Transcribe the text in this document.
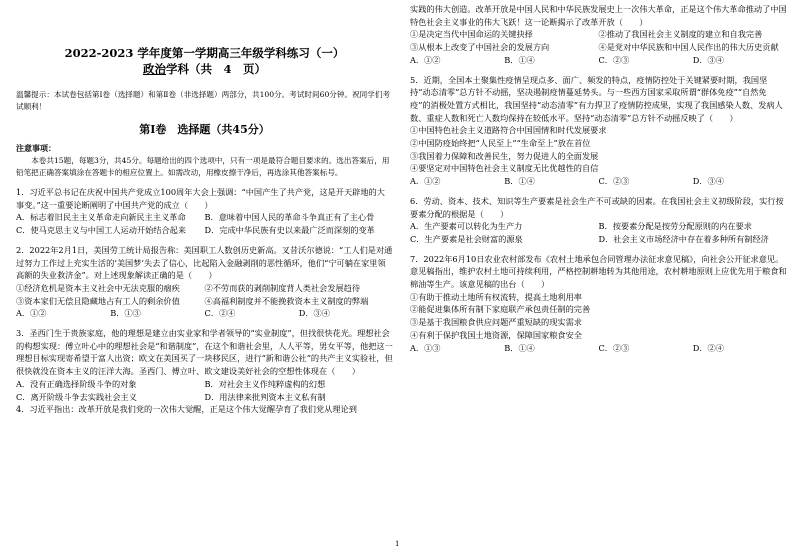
2022-2023 学年度第一学期高三年级学科练习（一）

政治学科（共　 4　 页）

温馨提示：本试卷包括第Ⅰ卷（选择题）和第Ⅱ卷（非选择题）两部分，共100分。考试时间60分钟。祝同学们考试顺利！

第Ⅰ卷　选择题（共45分）

注意事项：

本卷共15题，每题3分，共45分。每题给出的四个选项中，只有一项是最符合题目要求的。选出答案后，用铅笔把正确答案填涂在答题卡的相应位置上。如需改动，用橡皮擦干净后，再选涂其他答案标号。

1．习近平总书记在庆祝中国共产党成立100周年大会上强调：“中国产生了共产党，这是开天辟地的大事变。”这一重要论断阐明了中国共产党的成立（　　）

A．标志着旧民主主义革命走向新民主主义革命	B．意味着中国人民的革命斗争真正有了主心骨
C．使马克思主义与中国工人运动开始结合起来	D．完成中华民族有史以来最广泛而深刻的变革

2．2022年2月1日，美国劳工统计局报告称：美国职工人数创历史新高。叉昔沃尔德说：“工人们是对通过努力工作过上充实生活的‘美国梦’失去了信心，比起陷入金融剥削的恶性循环，他们“宁可躺在家里领高额的失业救济金”。对上述现象解读正确的是（　　）

①经济危机是资本主义社会中无法克服的痼疾	②不劳而获的剥削制度背人类社会发展趋待
③资本家们无偿且隐藏地占有工人的剩余价值	④高福利制度并不能挽救资本主义制度的弊端
A．①②	B．①③	C．②④	D．③④

3．圣西门生于贵族家庭，他的理想是建立由实业家和学者领导的“实业制度”，但找很快花光。理想社会的构想实现：傅立叶心中的理想社会是“和谐制度”，在这个和谐社会里，人人平等，男女平等，他把这一理想目标实现寄希望于富人出资；欧文在美国买了一块移民区，进行“新和谐公社”的共产主义实验社，但很快就没在资本主义的汪洋大海。圣西门、傅立叶、欧文建设美好社会的空想性体现在（　　）

A．没有正确选择阶级斗争的对象	B．对社会主义作纯粹虚构的幻想
C．离开阶级斗争去实践社会主义	D．用法律来批判资本主义私有制

4．习近平指出：改革开放是我们党的一次伟大觉醒，正是这个伟大觉醒孕育了我们党从理论到

实践的伟大创造。改革开放是中国人民和中华民族发展史上一次伟大革命，正是这个伟大革命推动了中国特色社会主义事业的伟大飞跃！这一论断揭示了改革开放（　　）

①是决定当代中国命运的关键抉择	②推动了我国社会主义制度的建立和自我完善
③从根本上改变了中国社会的发展方向	④是党对中华民族和中国人民作出的伟大历史贡献
A．①②	B．①④	C．②③	D．③④

5．近期，全国本土聚集性疫情呈现点多、面广、频发的特点，疫情防控处于关键紧要时期，我国坚持“动态清零”总方针不动摇，坚决遏制疫情蔓延势头。与一些西方国家采取所谓“群体免疫”“自然免疫”的消极处置方式相比，我国坚持“动态清零”有力捍卫了疫情防控成果，实现了我国感染人数、发病人数、重症人数和死亡人数均保持在较低水平。坚持“动态清零”总方针不动摇反映了（　　）

①中国特色社会主义道路符合中国国情和时代发展要求

②中国防疫始终把“人民至上”“生命至上”放在首位

③我国着力保障和改善民生，努力促进人的全面发展

④要坚定对中国特色社会主义制度无比优越性的自信

A．①②	B．①④	C．②③	D．③④

6．劳动、资本、技术、知识等生产要素是社会生产不可或缺的因素。在我国社会主义初级阶段，实行按要素分配的根据是（　　）

A．生产要素可以转化为生产力	B．按要素分配是按劳分配原则的内在要求
C．生产要素是社会财富的源泉	D．社会主义市场经济中存在着多种所有制经济

7．2022年6月10日农业农村部发布《农村土地承包合同管理办法征求意见稿》，向社会公开征求意见。意见稿指出，维护农村土地可持续利用，严格控制耕地转为其他用途，农村耕地原则上应优先用于粮食和棉油等生产。该意见稿的出台（　　）

①有助于推动土地所有权流转，提高土地利用率

②能促进集体所有制下家庭联产承包责任制的完善

③是基于我国粮食供应问题严重短缺的现实需求

④有利于保护我国土地资源，保障国家粮食安全

A．①③	B．①④	C．②③	D．②④
1
